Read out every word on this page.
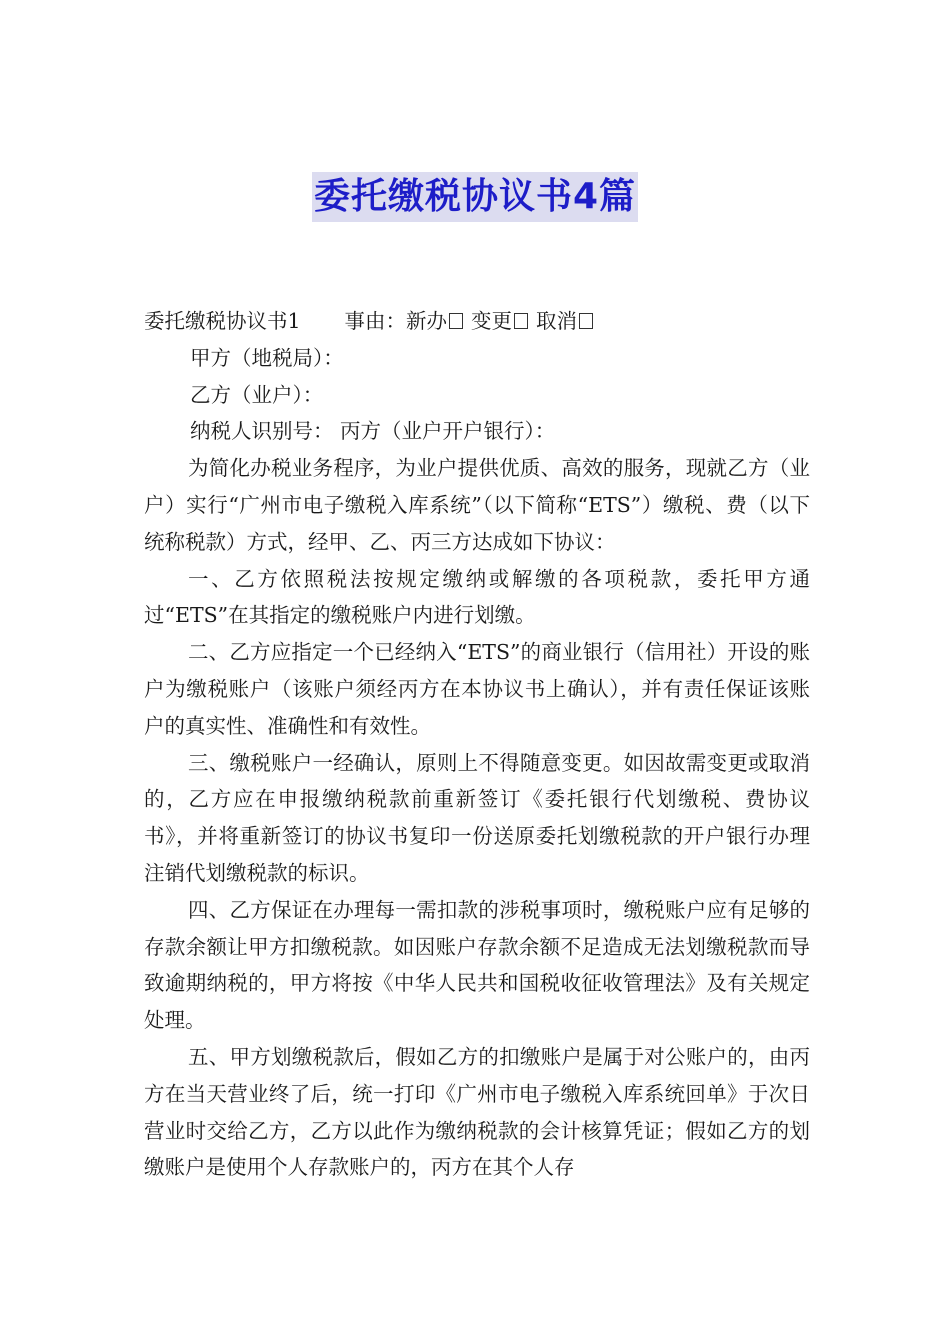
委托缴税协议书4篇

委托缴税协议书1 事由：新办 变更 取消

甲方（地税局）：

乙方（业户）：

纳税人识别号： 丙方（业户开户银行）：

为简化办税业务程序，为业户提供优质、高效的服务，现就乙方（业户）实行“广州市电子缴税入库系统”（以下简称“ETS”）缴税、费（以下统称税款）方式，经甲、乙、丙三方达成如下协议：

一、乙方依照税法按规定缴纳或解缴的各项税款，委托甲方通过“ETS”在其指定的缴税账户内进行划缴。

二、乙方应指定一个已经纳入“ETS”的商业银行（信用社）开设的账户为缴税账户（该账户须经丙方在本协议书上确认），并有责任保证该账户的真实性、准确性和有效性。

三、缴税账户一经确认，原则上不得随意变更。如因故需变更或取消的，乙方应在申报缴纳税款前重新签订《委托银行代划缴税、费协议书》，并将重新签订的协议书复印一份送原委托划缴税款的开户银行办理注销代划缴税款的标识。

四、乙方保证在办理每一需扣款的涉税事项时，缴税账户应有足够的存款余额让甲方扣缴税款。如因账户存款余额不足造成无法划缴税款而导致逾期纳税的，甲方将按《中华人民共和国税收征收管理法》及有关规定处理。

五、甲方划缴税款后，假如乙方的扣缴账户是属于对公账户的，由丙方在当天营业终了后，统一打印《广州市电子缴税入库系统回单》于次日营业时交给乙方，乙方以此作为缴纳税款的会计核算凭证；假如乙方的划缴账户是使用个人存款账户的，丙方在其个人存
